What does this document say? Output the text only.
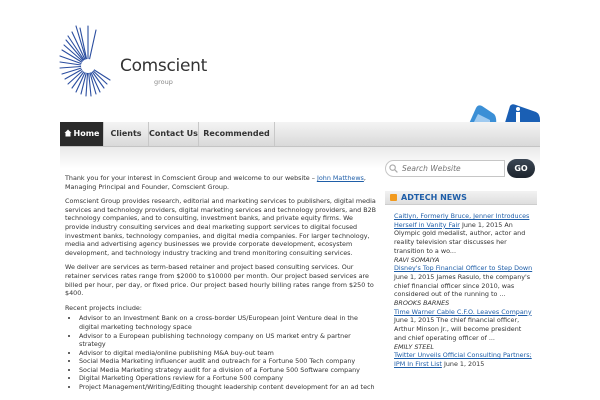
Comscient
group
Home	Clients Contact Us Recommended

Thank you for your interest in Comscient Group and welcome to our website – John Matthews, Managing Principal and Founder, Comscient Group.

Comscient Group provides research, editorial and marketing services to publishers, digital media services and technology providers, digital marketing services and technology providers, and B2B technology companies, and to consulting, investment banks, and private equity firms. We provide industry consulting services and deal marketing support services to digital focused investment banks, technology companies, and digital media companies. For larger technology, media and advertising agency businesses we provide corporate development, ecosystem development, and technology industry tracking and trend monitoring consulting services.

We deliver are services as term-based retainer and project based consulting services. Our retainer services rates range from $2000 to $10000 per month. Our project based services are billed per hour, per day, or fixed price. Our project based hourly billing rates range from $250 to $400.

Recent projects include:

• Advisor to an Investment Bank on a cross-border US/European Joint Venture deal in the digital marketing technology space
• Advisor to a European publishing technology company on US market entry & partner strategy
• Advisor to digital media/online publishing M&A buy-out team
• Social Media Marketing influencer audit and outreach for a Fortune 500 Tech company
• Social Media Marketing strategy audit for a division of a Fortune 500 Software company
• Digital Marketing Operations review for a Fortune 500 company
• Project Management/Writing/Editing thought leadership content development for an ad tech
Search Website
GO
ADTECH NEWS
Caitlyn, Formerly Bruce, Jenner Introduces Herself in Vanity Fair June 1, 2015 An Olympic gold medalist, author, actor and reality television star discusses her transition to a wo...
RAVI SOMAIYA
Disney's Top Financial Officer to Step Down June 1, 2015 James Rasulo, the company's chief financial officer since 2010, was considered out of the running to ...
BROOKS BARNES
Time Warner Cable C.F.O. Leaves Company June 1, 2015 The chief financial officer, Arthur Minson Jr., will become president and chief operating officer of ...
EMILY STEEL
Twitter Unveils Official Consulting Partners; IPM In First List June 1, 2015
